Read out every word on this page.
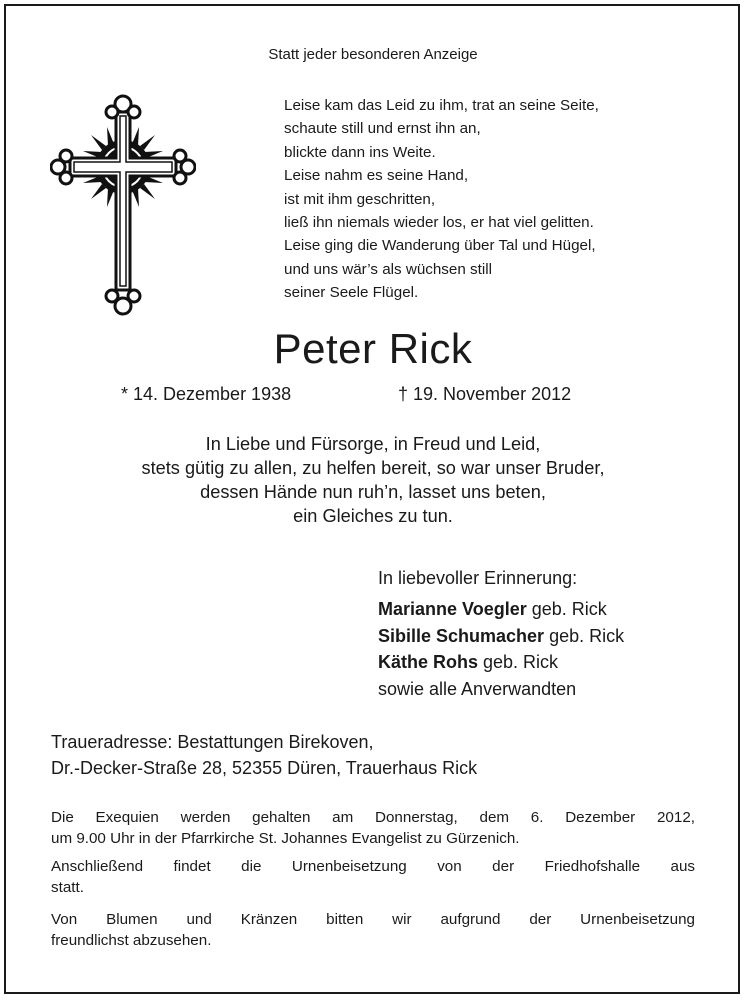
Statt jeder besonderen Anzeige
Leise kam das Leid zu ihm, trat an seine Seite,
schaute still und ernst ihn an,
blickte dann ins Weite.
Leise nahm es seine Hand,
ist mit ihm geschritten,
ließ ihn niemals wieder los, er hat viel gelitten.
Leise ging die Wanderung über Tal und Hügel,
und uns wär’s als wüchsen still
seiner Seele Flügel.
Peter Rick
* 14. Dezember 1938	† 19. November 2012
In Liebe und Fürsorge, in Freud und Leid,
stets gütig zu allen, zu helfen bereit, so war unser Bruder,
dessen Hände nun ruh’n, lasset uns beten,
ein Gleiches zu tun.
In liebevoller Erinnerung:
Marianne Voegler geb. Rick
Sibille Schumacher geb. Rick
Käthe Rohs geb. Rick
sowie alle Anverwandten
Traueradresse: Bestattungen Birekoven,
Dr.-Decker-Straße 28, 52355 Düren, Trauerhaus Rick
Die Exequien werden gehalten am Donnerstag, dem 6. Dezember 2012,
um 9.00 Uhr in der Pfarrkirche St. Johannes Evangelist zu Gürzenich.
Anschließend findet die Urnenbeisetzung von der Friedhofshalle aus
statt.
Von Blumen und Kränzen bitten wir aufgrund der Urnenbeisetzung
freundlichst abzusehen.
